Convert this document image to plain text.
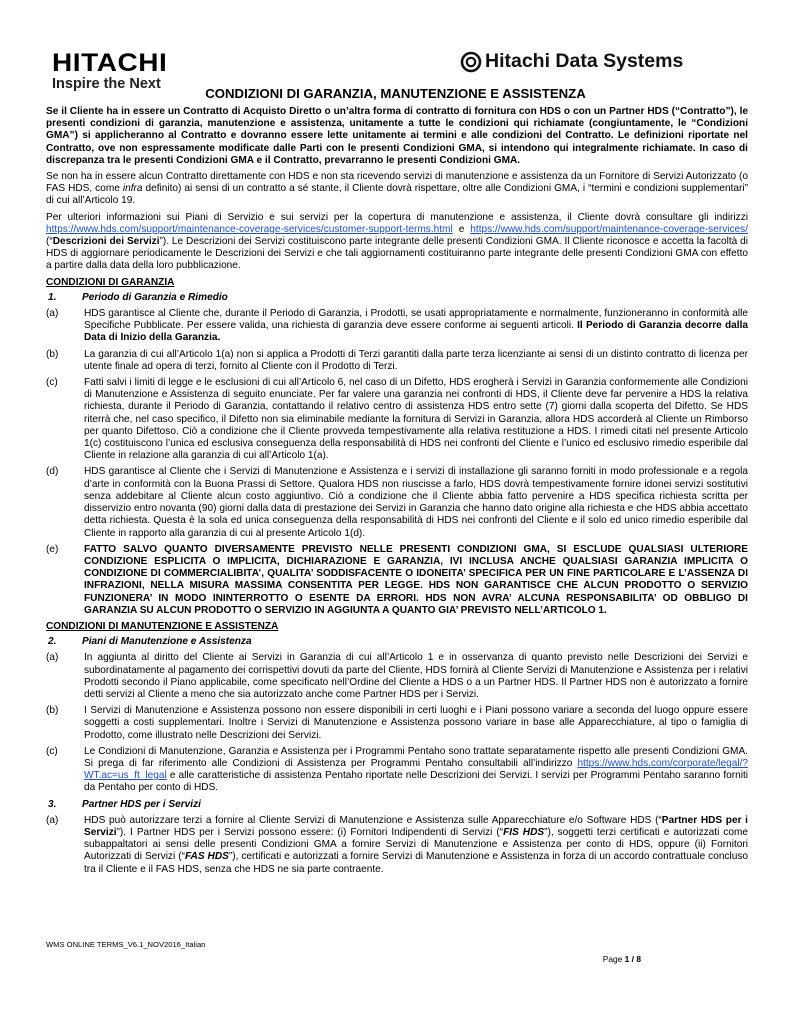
HITACHI
Inspire the Next
Hitachi Data Systems
CONDIZIONI DI GARANZIA, MANUTENZIONE E ASSISTENZA

Se il Cliente ha in essere un Contratto di Acquisto Diretto o un’altra forma di contratto di fornitura con HDS o con un Partner HDS (“Contratto”), le presenti condizioni di garanzia, manutenzione e assistenza, unitamente a tutte le condizioni qui richiamate (congiuntamente, le “Condizioni GMA”) si applicheranno al Contratto e dovranno essere lette unitamente ai termini e alle condizioni del Contratto. Le definizioni riportate nel Contratto, ove non espressamente modificate dalle Parti con le presenti Condizioni GMA, si intendono qui integralmente richiamate. In caso di discrepanza tra le presenti Condizioni GMA e il Contratto, prevarranno le presenti Condizioni GMA.

Se non ha in essere alcun Contratto direttamente con HDS e non sta ricevendo servizi di manutenzione e assistenza da un Fornitore di Servizi Autorizzato (o FAS HDS, come infra definito) ai sensi di un contratto a sé stante, il Cliente dovrà rispettare, oltre alle Condizioni GMA, i “termini e condizioni supplementari” di cui all’Articolo 19.

Per ulteriori informazioni sui Piani di Servizio e sui servizi per la copertura di manutenzione e assistenza, il Cliente dovrà consultare gli indirizzi https://www.hds.com/support/maintenance-coverage-services/customer-support-terms.html e https://www.hds.com/support/maintenance-coverage-services/ (“Descrizioni dei Servizi”). Le Descrizioni dei Servizi costituiscono parte integrante delle presenti Condizioni GMA. Il Cliente riconosce e accetta la facoltà di HDS di aggiornare periodicamente le Descrizioni dei Servizi e che tali aggiornamenti costituiranno parte integrante delle presenti Condizioni GMA con effetto a partire dalla data della loro pubblicazione.

CONDIZIONI DI GARANZIA
1.	Periodo di Garanzia e Rimedio
(a)	HDS garantisce al Cliente che, durante il Periodo di Garanzia, i Prodotti, se usati appropriatamente e normalmente, funzioneranno in conformità alle Specifiche Pubblicate. Per essere valida, una richiesta di garanzia deve essere conforme ai seguenti articoli. Il Periodo di Garanzia decorre dalla Data di Inizio della Garanzia.
(b)	La garanzia di cui all’Articolo 1(a) non si applica a Prodotti di Terzi garantiti dalla parte terza licenziante ai sensi di un distinto contratto di licenza per utente finale ad opera di terzi, fornito al Cliente con il Prodotto di Terzi.
(c)	Fatti salvi i limiti di legge e le esclusioni di cui all’Articolo 6, nel caso di un Difetto, HDS erogherà i Servizi in Garanzia conformemente alle Condizioni di Manutenzione e Assistenza di seguito enunciate. Per far valere una garanzia nei confronti di HDS, il Cliente deve far pervenire a HDS la relativa richiesta, durante il Periodo di Garanzia, contattando il relativo centro di assistenza HDS entro sette (7) giorni dalla scoperta del Difetto. Se HDS riterrà che, nel caso specifico, il Difetto non sia eliminabile mediante la fornitura di Servizi in Garanzia, allora HDS accorderà al Cliente un Rimborso per quanto Difettoso. Ciò a condizione che il Cliente provveda tempestivamente alla relativa restituzione a HDS. I rimedi citati nel presente Articolo 1(c) costituiscono l’unica ed esclusiva conseguenza della responsabilità di HDS nei confronti del Cliente e l’unico ed esclusivo rimedio esperibile dal Cliente in relazione alla garanzia di cui all’Articolo 1(a).
(d)	HDS garantisce al Cliente che i Servizi di Manutenzione e Assistenza e i servizi di installazione gli saranno forniti in modo professionale e a regola d’arte in conformità con la Buona Prassi di Settore. Qualora HDS non riuscisse a farlo, HDS dovrà tempestivamente fornire idonei servizi sostitutivi senza addebitare al Cliente alcun costo aggiuntivo. Ciò a condizione che il Cliente abbia fatto pervenire a HDS specifica richiesta scritta per disservizio entro novanta (90) giorni dalla data di prestazione dei Servizi in Garanzia che hanno dato origine alla richiesta e che HDS abbia accettato detta richiesta. Questa è la sola ed unica conseguenza della responsabilità di HDS nei confronti del Cliente e il solo ed unico rimedio esperibile dal Cliente in rapporto alla garanzia di cui al presente Articolo 1(d).
(e)	FATTO SALVO QUANTO DIVERSAMENTE PREVISTO NELLE PRESENTI CONDIZIONI GMA, SI ESCLUDE QUALSIASI ULTERIORE CONDIZIONE ESPLICITA O IMPLICITA, DICHIARAZIONE E GARANZIA, IVI INCLUSA ANCHE QUALSIASI GARANZIA IMPLICITA O CONDIZIONE DI COMMERCIALIBITA’, QUALITA’ SODDISFACENTE O IDONEITA’ SPECIFICA PER UN FINE PARTICOLARE E L’ASSENZA DI INFRAZIONI, NELLA MISURA MASSIMA CONSENTITA PER LEGGE. HDS NON GARANTISCE CHE ALCUN PRODOTTO O SERVIZIO FUNZIONERA’ IN MODO ININTERROTTO O ESENTE DA ERRORI. HDS NON AVRA’ ALCUNA RESPONSABILITA’ OD OBBLIGO DI GARANZIA SU ALCUN PRODOTTO O SERVIZIO IN AGGIUNTA A QUANTO GIA’ PREVISTO NELL’ARTICOLO 1.
CONDIZIONI DI MANUTENZIONE E ASSISTENZA
2.	Piani di Manutenzione e Assistenza
(a)	In aggiunta al diritto del Cliente ai Servizi in Garanzia di cui all’Articolo 1 e in osservanza di quanto previsto nelle Descrizioni dei Servizi e subordinatamente al pagamento dei corrispettivi dovuti da parte del Cliente, HDS fornirà al Cliente Servizi di Manutenzione e Assistenza per i relativi Prodotti secondo il Piano applicabile, come specificato nell’Ordine del Cliente a HDS o a un Partner HDS. Il Partner HDS non è autorizzato a fornire detti servizi al Cliente a meno che sia autorizzato anche come Partner HDS per i Servizi.
(b)	I Servizi di Manutenzione e Assistenza possono non essere disponibili in certi luoghi e i Piani possono variare a seconda del luogo oppure essere soggetti a costi supplementari. Inoltre i Servizi di Manutenzione e Assistenza possono variare in base alle Apparecchiature, al tipo o famiglia di Prodotto, come illustrato nelle Descrizioni dei Servizi.
(c)	Le Condizioni di Manutenzione, Garanzia e Assistenza per i Programmi Pentaho sono trattate separatamente rispetto alle presenti Condizioni GMA. Si prega di far riferimento alle Condizioni di Assistenza per Programmi Pentaho consultabili all’indirizzo https://www.hds.com/corporate/legal/?WT.ac=us_ft_legal e alle caratteristiche di assistenza Pentaho riportate nelle Descrizioni dei Servizi. I servizi per Programmi Pentaho saranno forniti da Pentaho per conto di HDS.
3.	Partner HDS per i Servizi
(a)	HDS può autorizzare terzi a fornire al Cliente Servizi di Manutenzione e Assistenza sulle Apparecchiature e/o Software HDS (“Partner HDS per i Servizi”). I Partner HDS per i Servizi possono essere: (i) Fornitori Indipendenti di Servizi (“FIS HDS”), soggetti terzi certificati e autorizzati come subappaltatori ai sensi delle presenti Condizioni GMA a fornire Servizi di Manutenzione e Assistenza per conto di HDS, oppure (ii) Fornitori Autorizzati di Servizi (“FAS HDS”), certificati e autorizzati a fornire Servizi di Manutenzione e Assistenza in forza di un accordo contrattuale concluso tra il Cliente e il FAS HDS, senza che HDS ne sia parte contraente.
WMS ONLINE TERMS_V6.1_NOV2016_Italian
Page 1 / 8
